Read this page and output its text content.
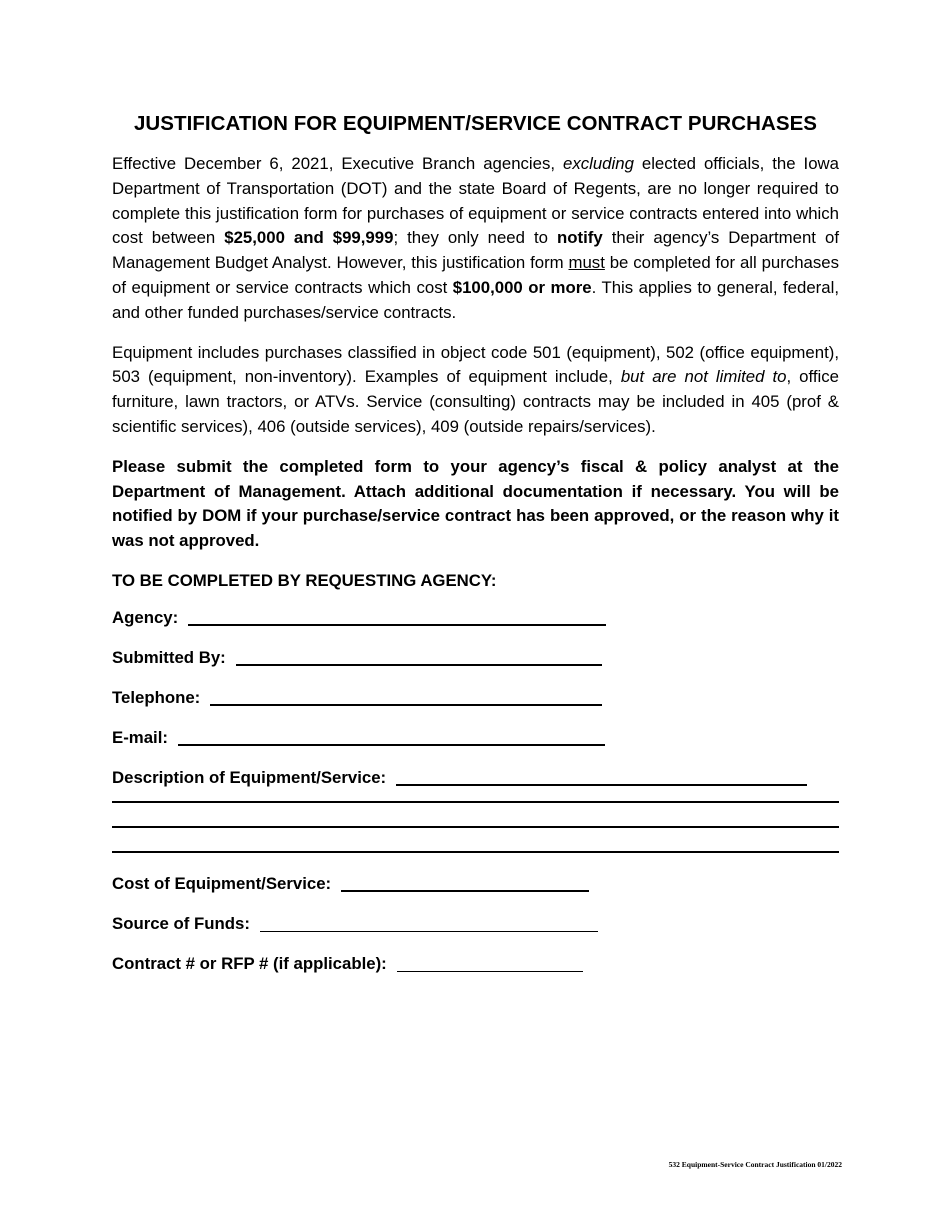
JUSTIFICATION FOR EQUIPMENT/SERVICE CONTRACT PURCHASES

Effective December 6, 2021, Executive Branch agencies, excluding elected officials, the Iowa Department of Transportation (DOT) and the state Board of Regents, are no longer required to complete this justification form for purchases of equipment or service contracts entered into which cost between $25,000 and $99,999; they only need to notify their agency’s Department of Management Budget Analyst. However, this justification form must be completed for all purchases of equipment or service contracts which cost $100,000 or more. This applies to general, federal, and other funded purchases/service contracts.

Equipment includes purchases classified in object code 501 (equipment), 502 (office equipment), 503 (equipment, non-inventory). Examples of equipment include, but are not limited to, office furniture, lawn tractors, or ATVs. Service (consulting) contracts may be included in 405 (prof & scientific services), 406 (outside services), 409 (outside repairs/services).

Please submit the completed form to your agency’s fiscal & policy analyst at the Department of Management. Attach additional documentation if necessary. You will be notified by DOM if your purchase/service contract has been approved, or the reason why it was not approved.

TO BE COMPLETED BY REQUESTING AGENCY:
Agency:
Submitted By:
Telephone:
E-mail:
Description of Equipment/Service:
Cost of Equipment/Service:
Source of Funds:
Contract # or RFP # (if applicable):
532 Equipment-Service Contract Justification 01/2022
